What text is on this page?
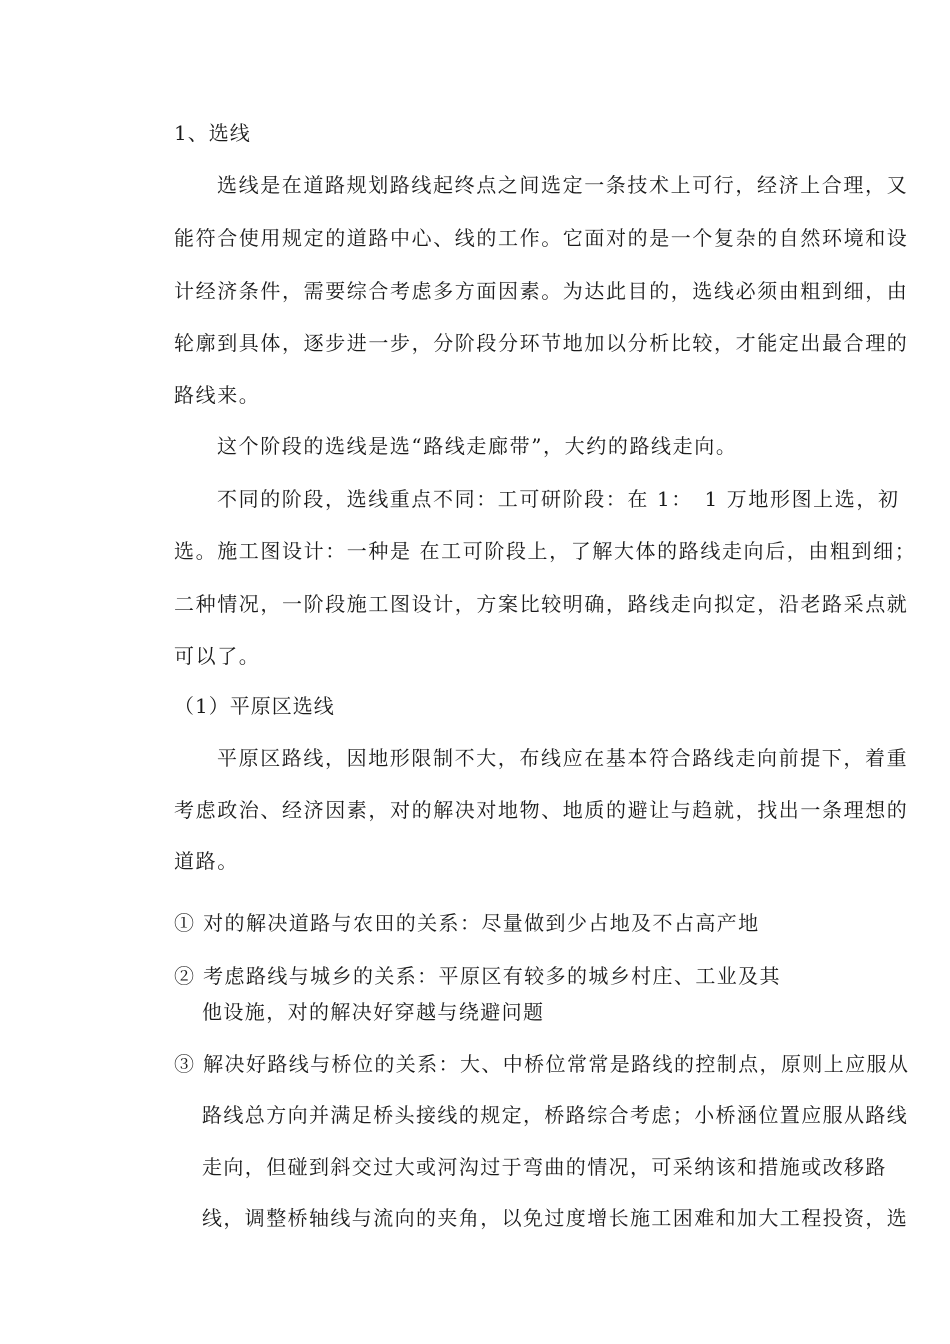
1、选线
选线是在道路规划路线起终点之间选定一条技术上可行，经济上合理，又
能符合使用规定的道路中心、线的工作。它面对的是一个复杂的自然环境和设
计经济条件，需要综合考虑多方面因素。为达此目的，选线必须由粗到细，由
轮廓到具体，逐步进一步，分阶段分环节地加以分析比较，才能定出最合理的
路线来。
这个阶段的选线是选“路线走廊带”，大约的路线走向。
不同的阶段，选线重点不同：工可研阶段：在 1：　1 万地形图上选，初
选。施工图设计：一种是 在工可阶段上，了解大体的路线走向后，由粗到细；
二种情况，一阶段施工图设计，方案比较明确，路线走向拟定，沿老路采点就
可以了。
（1）平原区选线
平原区路线，因地形限制不大，布线应在基本符合路线走向前提下，着重
考虑政治、经济因素，对的解决对地物、地质的避让与趋就，找出一条理想的
道路。
① 对的解决道路与农田的关系：尽量做到少占地及不占高产地
② 考虑路线与城乡的关系：平原区有较多的城乡村庄、工业及其
他设施，对的解决好穿越与绕避问题
③ 解决好路线与桥位的关系：大、中桥位常常是路线的控制点，原则上应服从
路线总方向并满足桥头接线的规定，桥路综合考虑；小桥涵位置应服从路线
走向，但碰到斜交过大或河沟过于弯曲的情况，可采纳该和措施或改移路
线，调整桥轴线与流向的夹角，以免过度增长施工困难和加大工程投资，选
